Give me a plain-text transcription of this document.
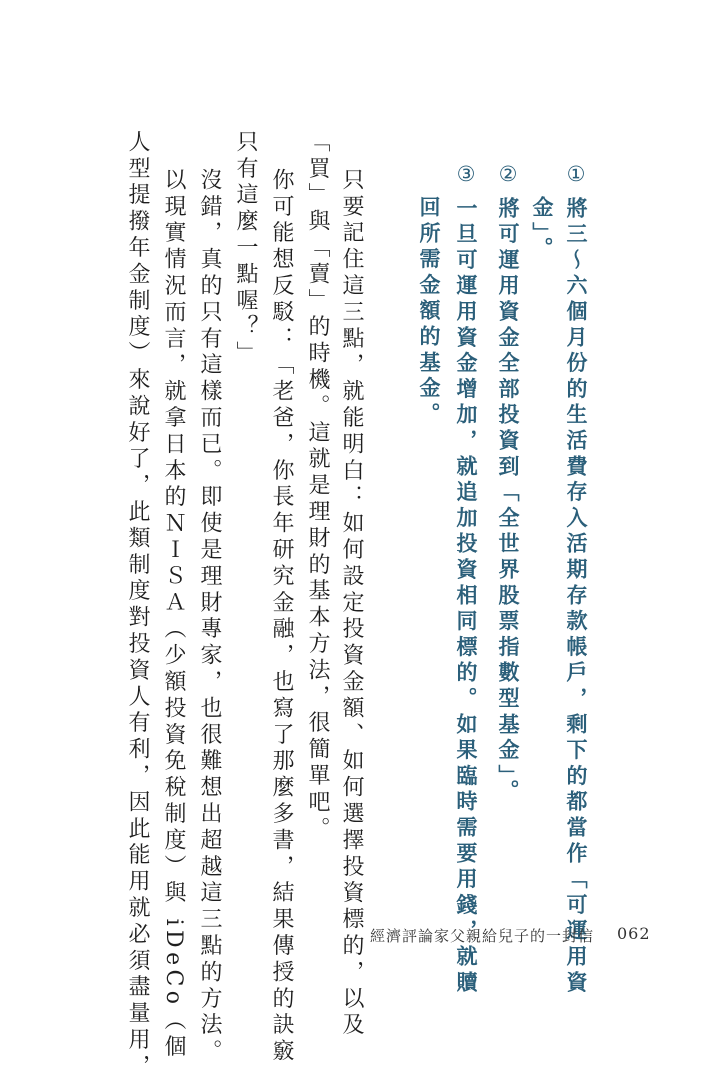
①將三～六個月份的生活費存入活期存款帳戶，剩下的都當作「可運用資
金」。
②將可運用資金全部投資到「全世界股票指數型基金」。
③一旦可運用資金增加，就追加投資相同標的。如果臨時需要用錢，就贖
回所需金額的基金。
只要記住這三點，就能明白：如何設定投資金額、如何選擇投資標的，以及
「買」與「賣」的時機。這就是理財的基本方法，很簡單吧。
你可能想反駁：「老爸，你長年研究金融，也寫了那麼多書，結果傳授的訣竅
只有這麼一點喔？」
沒錯，真的只有這樣而已。即使是理財專家，也很難想出超越這三點的方法。
以現實情況而言，就拿日本的ＮＩＳＡ（少額投資免稅制度）與 iDeCo（個
人型提撥年金制度）來說好了，此類制度對投資人有利，因此能用就必須盡量用，	經濟評論家父親給兒子的一封信 062
